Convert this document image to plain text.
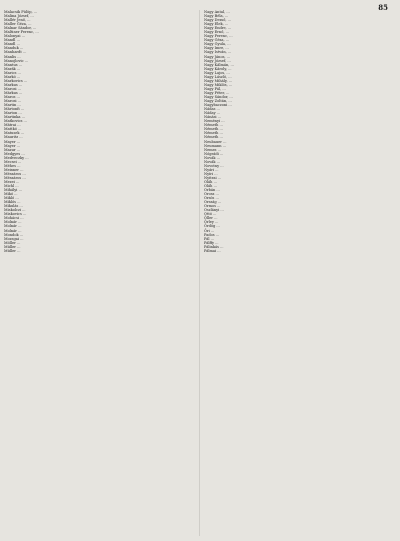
85

Malacsik Fülöp, ...

Malina József, ...

Mallér Jenő, ...

Maller Géza, ...

Malnar Sándor, ...

Maltiner Ferenc, ...

Malonyai ...

Mandl ...

Mandl ...

Manduk ...

Manhardt ...

Manlis ...

Manojlovic ...

Mantus ...

Marák ...

Marics ...

Markó ...

Markovics ...

Markus ...

Marosi ...

Márkus ...

Maros ...

Marosi ...

Martin ...

Mártonfi ...

Marton ...

Martinka ...

Matkovics ...

Mátrai ...

Mattkó ...

Matusek ...

Mauritz ...

Mayer ...

Mayer ...

Mazur ...

Medgyes ...

Medveczky ...

Mecsei ...

Méhes ...

Meixner ...

Mészáros ...

Mészáros ...

Mezei ...

Michl ...

Mihályi ...

Mikó ...

Mikló ...

Miklós ...

Mikulás ...

Miskolczi ...

Miskovics ...

Mohácsi ...

Molnár ...

Molnár ...

Molnár ...

Mondok ...

Mozsgai ...

Möller ...

Müller ...

Müller ...

Nagy Antal, ...

Nagy Béla, ...

Nagy Dezső, ...

Nagy Elek, ...

Nagy Endre, ...

Nagy Ernő, ...

Nagy Ferenc, ...

Nagy Géza, ...

Nagy Gyula, ...

Nagy Imre, ...

Nagy István, ...

Nagy János, ...

Nagy József, ...

Nagy Kálmán, ...

Nagy Károly, ...

Nagy Lajos, ...

Nagy László, ...

Nagy Mihály, ...

Nagy Miklós, ...

Nagy Pál, ...

Nagy Péter, ...

Nagy Sándor, ...

Nagy Zoltán, ...

Nagybaczoni ...

Nádas ...

Náday ...

Nánási ...

Neményi ...

Németh ...

Németh ...

Németh ...

Németh ...

Neubauer ...

Neumann ...

Nemes ...

Nógrádi ...

Novák ...

Novák ...

Novotny ...

Nyári ...

Nyíri ...

Nyitrai ...

Oláh ...

Oláh ...

Orbán ...

Orosz ...

Orsós ...

Ország ...

Ormos ...

Oszlányi ...

Ottó ...

Öller ...

Örley ...

Ördög ...

Őri ...

Pados ...

Pál ...

Pálffy ...

Pálinkás ...

Pálmai ...
